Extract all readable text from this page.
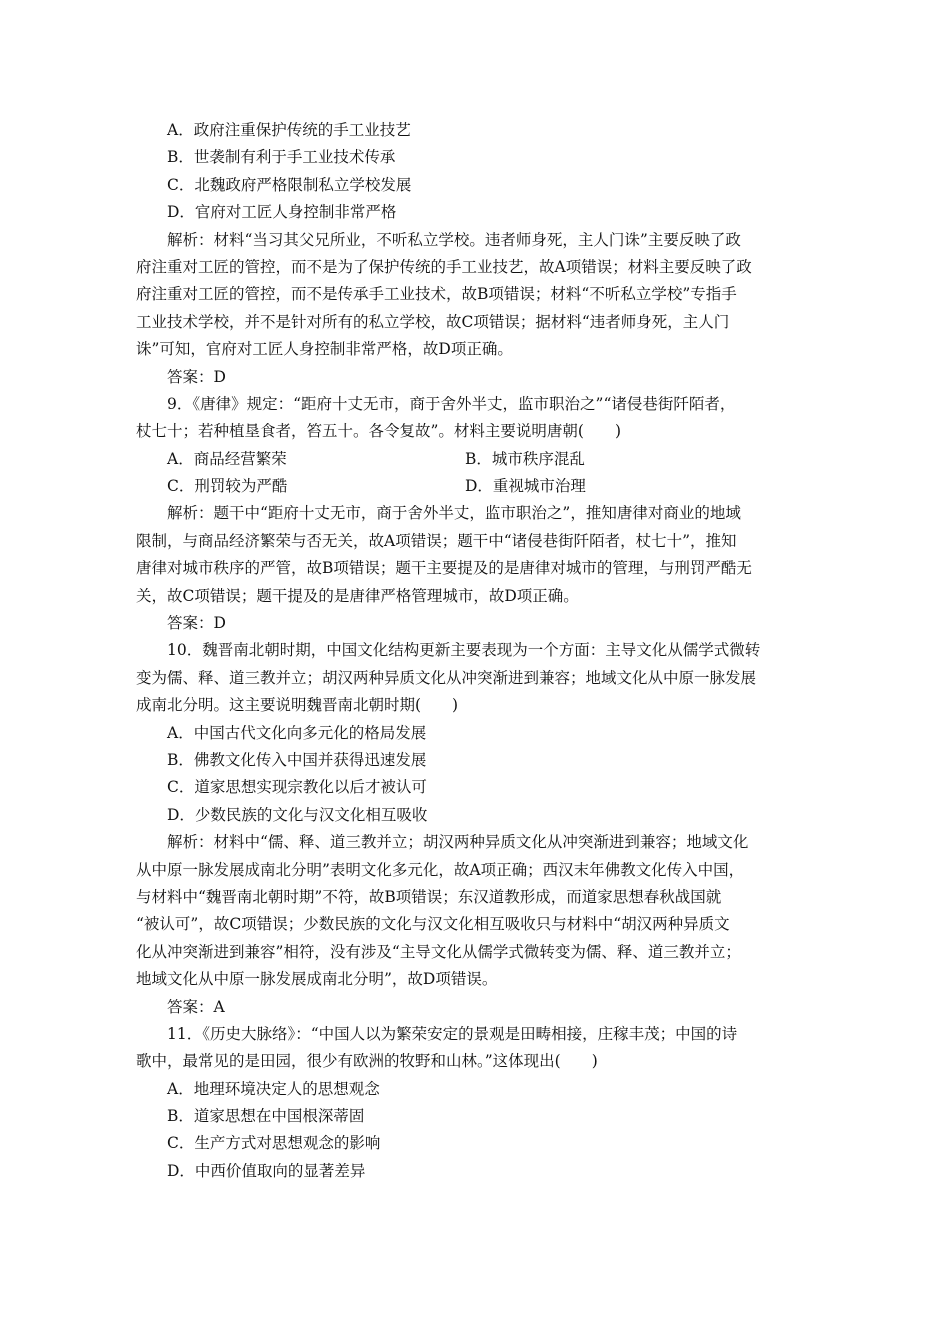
A．政府注重保护传统的手工业技艺
B．世袭制有利于手工业技术传承
C．北魏政府严格限制私立学校发展
D．官府对工匠人身控制非常严格
解析：材料“当习其父兄所业，不听私立学校。违者师身死，主人门诛”主要反映了政
府注重对工匠的管控，而不是为了保护传统的手工业技艺，故A项错误；材料主要反映了政
府注重对工匠的管控，而不是传承手工业技术，故B项错误；材料“不听私立学校”专指手
工业技术学校，并不是针对所有的私立学校，故C项错误；据材料“违者师身死，主人门
诛”可知，官府对工匠人身控制非常严格，故D项正确。
答案：D
9．《唐律》规定：“距府十丈无市，商于舍外半丈，监市职治之”“诸侵巷街阡陌者，
杖七十；若种植垦食者，笞五十。各令复故”。材料主要说明唐朝(　　)
A．商品经营繁荣	B．城市秩序混乱
C．刑罚较为严酷	D．重视城市治理
解析：题干中“距府十丈无市，商于舍外半丈，监市职治之”，推知唐律对商业的地域
限制，与商品经济繁荣与否无关，故A项错误；题干中“诸侵巷街阡陌者，杖七十”，推知
唐律对城市秩序的严管，故B项错误；题干主要提及的是唐律对城市的管理，与刑罚严酷无
关，故C项错误；题干提及的是唐律严格管理城市，故D项正确。
答案：D
10．魏晋南北朝时期，中国文化结构更新主要表现为一个方面：主导文化从儒学式微转
变为儒、释、道三教并立；胡汉两种异质文化从冲突渐进到兼容；地域文化从中原一脉发展
成南北分明。这主要说明魏晋南北朝时期(　　)
A．中国古代文化向多元化的格局发展
B．佛教文化传入中国并获得迅速发展
C．道家思想实现宗教化以后才被认可
D．少数民族的文化与汉文化相互吸收
解析：材料中“儒、释、道三教并立；胡汉两种异质文化从冲突渐进到兼容；地域文化
从中原一脉发展成南北分明”表明文化多元化，故A项正确；西汉末年佛教文化传入中国，
与材料中“魏晋南北朝时期”不符，故B项错误；东汉道教形成，而道家思想春秋战国就
“被认可”，故C项错误；少数民族的文化与汉文化相互吸收只与材料中“胡汉两种异质文
化从冲突渐进到兼容”相符，没有涉及“主导文化从儒学式微转变为儒、释、道三教并立；
地域文化从中原一脉发展成南北分明”，故D项错误。
答案：A
11．《历史大脉络》：“中国人以为繁荣安定的景观是田畴相接，庄稼丰茂；中国的诗
歌中，最常见的是田园，很少有欧洲的牧野和山林。”这体现出(　　)
A．地理环境决定人的思想观念
B．道家思想在中国根深蒂固
C．生产方式对思想观念的影响
D．中西价值取向的显著差异
